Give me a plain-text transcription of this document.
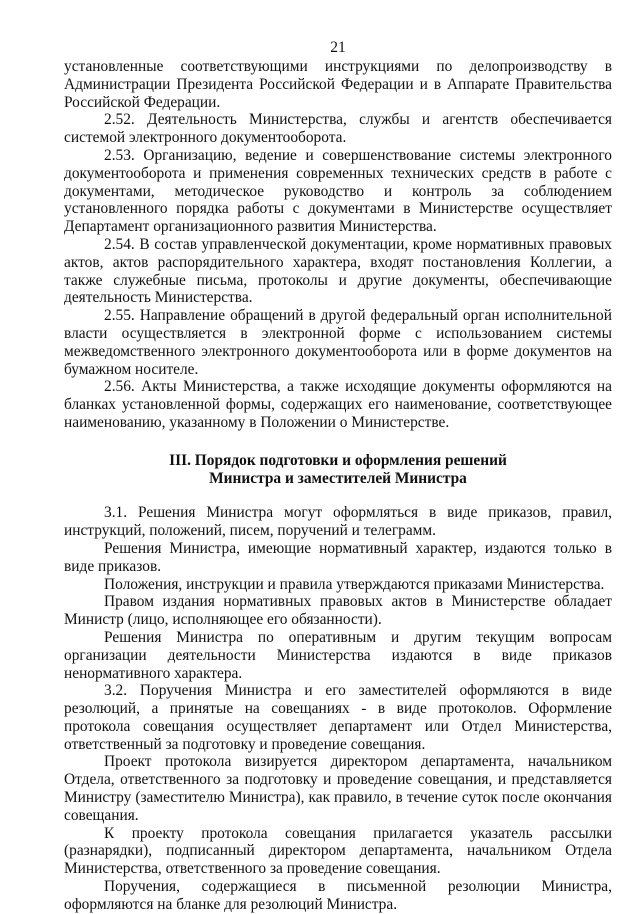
21

установленные соответствующими инструкциями по делопроизводству в Администрации Президента Российской Федерации и в Аппарате Правительства Российской Федерации.

2.52. Деятельность Министерства, службы и агентств обеспечивается системой электронного документооборота.

2.53. Организацию, ведение и совершенствование системы электронного документооборота и применения современных технических средств в работе с документами, методическое руководство и контроль за соблюдением установленного порядка работы с документами в Министерстве осуществляет Департамент организационного развития Министерства.

2.54. В состав управленческой документации, кроме нормативных правовых актов, актов распорядительного характера, входят постановления Коллегии, а также служебные письма, протоколы и другие документы, обеспечивающие деятельность Министерства.

2.55. Направление обращений в другой федеральный орган исполнительной власти осуществляется в электронной форме с использованием системы межведомственного электронного документооборота или в форме документов на бумажном носителе.

2.56. Акты Министерства, а также исходящие документы оформляются на бланках установленной формы, содержащих его наименование, соответствующее наименованию, указанному в Положении о Министерстве.

III. Порядок подготовки и оформления решений
Министра и заместителей Министра

3.1. Решения Министра могут оформляться в виде приказов, правил, инструкций, положений, писем, поручений и телеграмм.

Решения Министра, имеющие нормативный характер, издаются только в виде приказов.

Положения, инструкции и правила утверждаются приказами Министерства.

Правом издания нормативных правовых актов в Министерстве обладает Министр (лицо, исполняющее его обязанности).

Решения Министра по оперативным и другим текущим вопросам организации деятельности Министерства издаются в виде приказов ненормативного характера.

3.2. Поручения Министра и его заместителей оформляются в виде резолюций, а принятые на совещаниях - в виде протоколов. Оформление протокола совещания осуществляет департамент или Отдел Министерства, ответственный за подготовку и проведение совещания.

Проект протокола визируется директором департамента, начальником Отдела, ответственного за подготовку и проведение совещания, и представляется Министру (заместителю Министра), как правило, в течение суток после окончания совещания.

К проекту протокола совещания прилагается указатель рассылки (разнарядки), подписанный директором департамента, начальником Отдела Министерства, ответственного за проведение совещания.

Поручения, содержащиеся в письменной резолюции Министра, оформляются на бланке для резолюций Министра.
